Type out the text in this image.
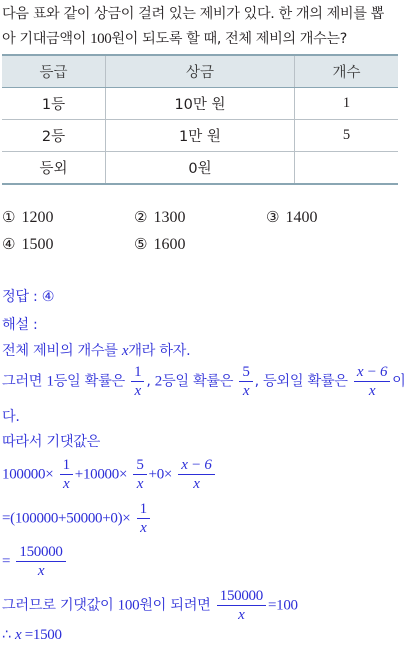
다음 표와 같이 상금이 걸려 있는 제비가 있다. 한 개의 제비를 뽑
아 기대금액이 100원이 되도록 할 때, 전체 제비의 개수는?
등급	상금	개수
1등	10만 원	1
2등	1만 원	5
등외	0원	
① 1200	② 1300	③ 1400
④ 1500	⑤ 1600
정답 : ④
해설 :
전체 제비의 개수를 x개라 하자.
그러면 1등일 확률은 $\frac{1}{x}$ , 2등일 확률은 $\frac{5}{x}$ , 등외일 확률은 $\frac{x - 6}{x}$ 이
다.
따라서 기댓값은
$100000\times \frac{1}{x} +10000\times \frac{5}{x} +0\times \frac{x - 6}{x}$
$=(100000+50000+0)\times \frac{1}{x}$
= $\frac{150000}{x}$
그러므로 기댓값이 100원이 되려면 $\frac{150000}{x} =100$
∴ x =1500
